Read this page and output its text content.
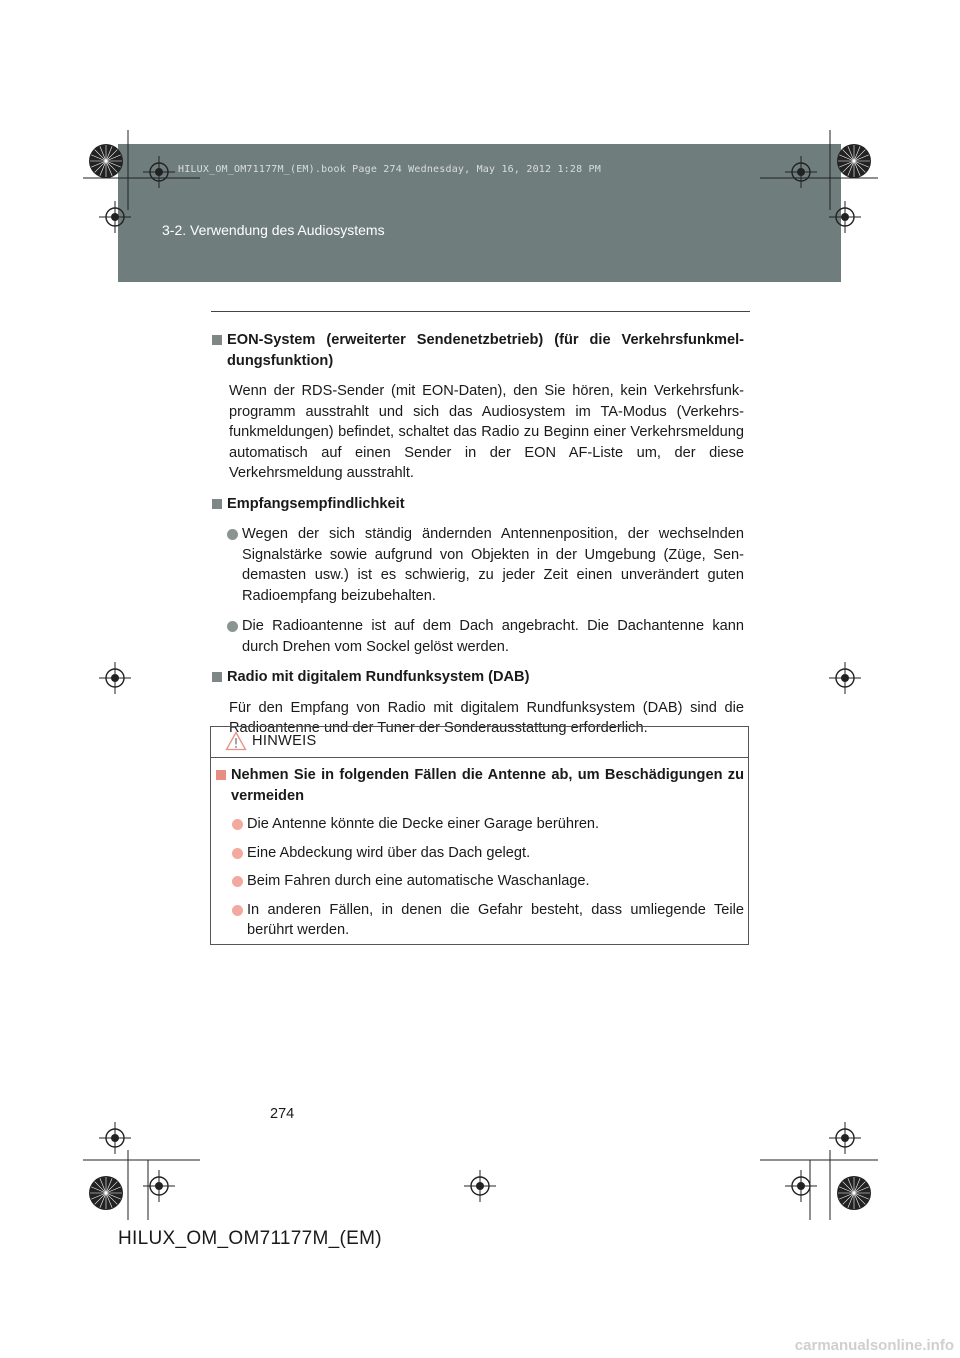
HILUX_OM_OM71177M_(EM).book Page 274 Wednesday, May 16, 2012 1:28 PM
3-2. Verwendung des Audiosystems
EON-System (erweiterter Sendenetzbetrieb) (für die Verkehrsfunkmel-dungsfunktion)
Wenn der RDS-Sender (mit EON-Daten), den Sie hören, kein Verkehrsfunk-programm ausstrahlt und sich das Audiosystem im TA-Modus (Verkehrs-funkmeldungen) befindet, schaltet das Radio zu Beginn einer Verkehrsmeldung automatisch auf einen Sender in der EON AF-Liste um, der diese Verkehrsmeldung ausstrahlt.
Empfangsempfindlichkeit
Wegen der sich ständig ändernden Antennenposition, der wechselnden Signalstärke sowie aufgrund von Objekten in der Umgebung (Züge, Sen-demasten usw.) ist es schwierig, zu jeder Zeit einen unverändert guten Radioempfang beizubehalten.
Die Radioantenne ist auf dem Dach angebracht. Die Dachantenne kann durch Drehen vom Sockel gelöst werden.
Radio mit digitalem Rundfunksystem (DAB)
Für den Empfang von Radio mit digitalem Rundfunksystem (DAB) sind die Radioantenne und der Tuner der Sonderausstattung erforderlich.
HINWEIS
Nehmen Sie in folgenden Fällen die Antenne ab, um Beschädigungen zu vermeiden
Die Antenne könnte die Decke einer Garage berühren.
Eine Abdeckung wird über das Dach gelegt.
Beim Fahren durch eine automatische Waschanlage.
In anderen Fällen, in denen die Gefahr besteht, dass umliegende Teile berührt werden.
274
HILUX_OM_OM71177M_(EM)
carmanualsonline.info
